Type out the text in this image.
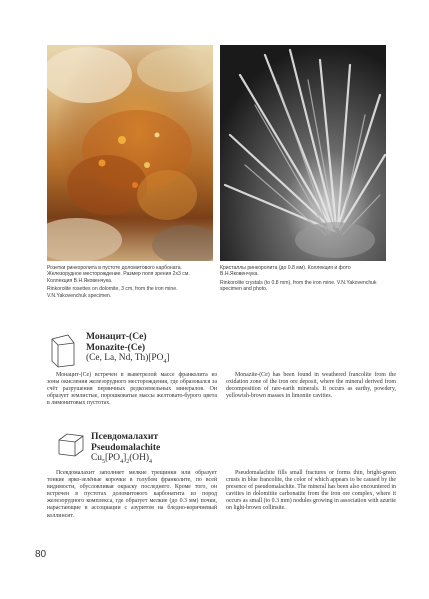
Розетки ринкоролита в пустоте доломитового карбоната. Железорудное месторождение. Размер поля зрения 2x3 см. Коллекция В.Н.Яковенчука.

Rinkorolite rosettes on dolomite, 3 cm, from the iron mine. V.N.Yakovenchuk specimen.

Кристаллы ринкоролита (до 0.8 мм). Коллекция и фото В.Н.Яковенчука.

Rinkorolite crystals (to 0.8 mm), from the iron mine. V.N.Yakovenchuk specimen and photo.

Монацит-(Ce)
Monazite-(Ce)
(Ce, La, Nd, $Th)[PO_4]$

Монацит-(Ce) встречен в выветрелой массе франколита из зоны окисления железорудного месторождения, где образовался за счёт разрушения первичных редкоземельных минералов. Он образует землистые, порошковатые массы желтовато-бурого цвета в лимонитовых пустотах.

Monazite-(Ce) has been found in weathered francolite from the oxidation zone of the iron ore deposit, where the mineral derived from decomposition of rare-earth minerals. It occurs as earthy, powdery, yellowish-brown masses in limonite cavities.

Псевдомалахит
Pseudomalachite
$Cu_5[PO_4]_2(OH)_4$

Псевдомалахит заполняет мелкие трещинки или образует тонкие ярко-зелёные корочки в голубом франколите, по всей видимости, обусловливая окраску последнего. Кроме того, он встречен в пустотах доломитового карбонатита из пород железорудного комплекса, где образует мелкие (до 0.3 мм) почки, нарастающие в ассоциации с азуритом на бледно-коричневый коллинсит.

Pseudomalachite fills small fractures or forms thin, bright-green crusts in blue francolite, the color of which appears to be caused by the presence of pseudomalachite. The mineral has been also encountered in cavities in dolomitite carbonatite from the iron ore complex, where it occurs as small (to 0.3 mm) nodules growing in association with azurite on light-brown collinsite.

80
